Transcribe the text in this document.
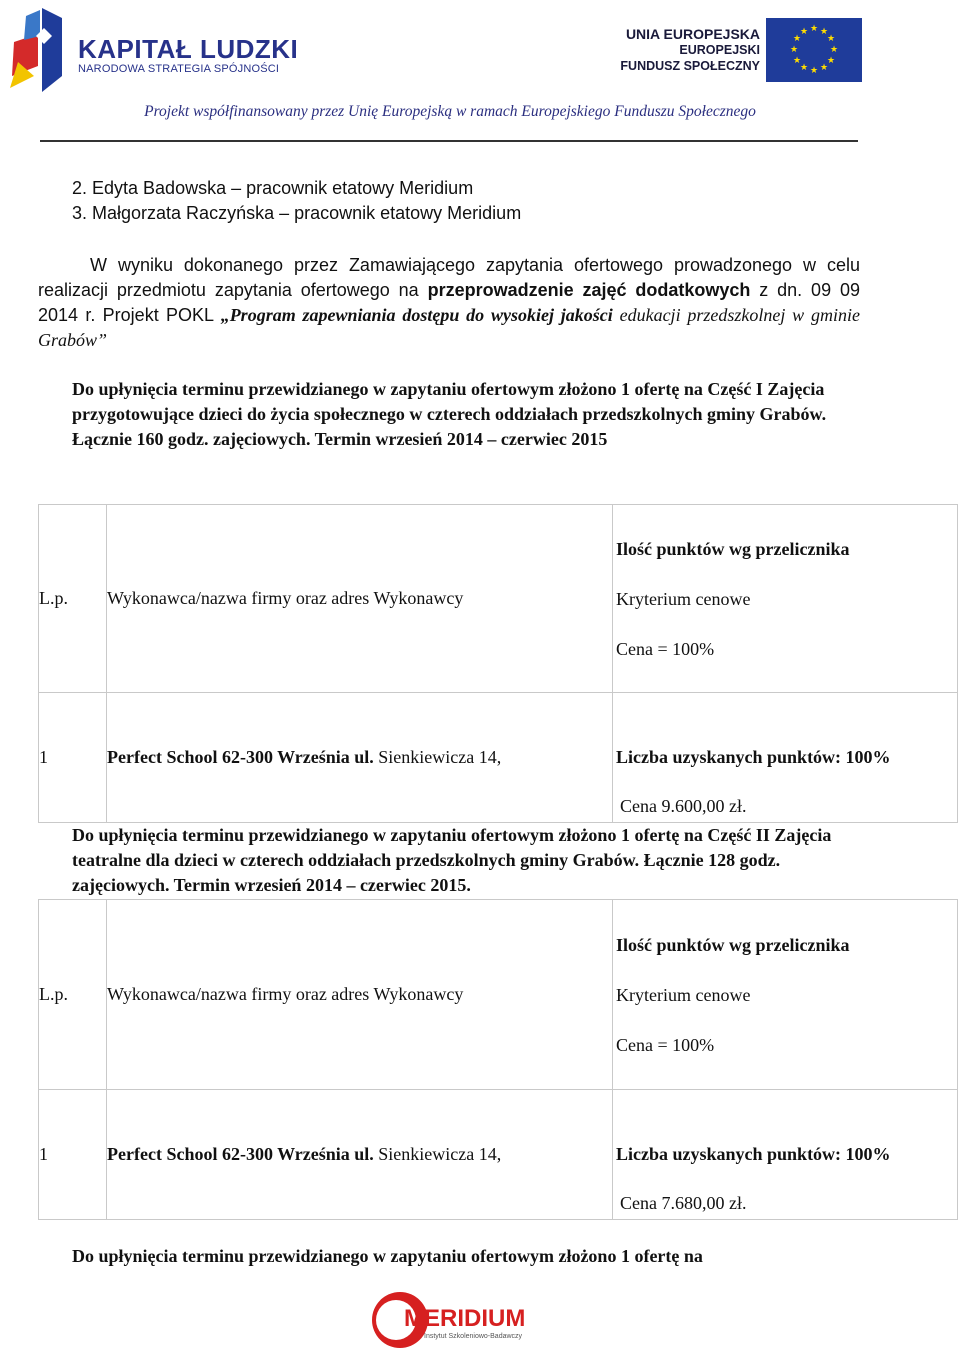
KAPITAŁ LUDZKI
NARODOWA STRATEGIA SPÓJNOŚCI
UNIA EUROPEJSKA
EUROPEJSKI
FUNDUSZ SPOŁECZNY
★ ★
★
★
★
★
★
★
★
★
★
★
Projekt współfinansowany przez Unię Europejską w ramach Europejskiego Funduszu Społecznego
2. Edyta Badowska – pracownik etatowy Meridium
3. Małgorzata Raczyńska – pracownik etatowy Meridium
W wyniku dokonanego przez Zamawiającego zapytania ofertowego prowadzonego w celu realizacji przedmiotu zapytania ofertowego na przeprowadzenie zajęć dodatkowych z dn. 09 09 2014 r. Projekt POKL „Program zapewniania dostępu do wysokiej jakości edukacji przedszkolnej w gminie Grabów”
Do upłynięcia terminu przewidzianego w zapytaniu ofertowym złożono 1 ofertę na Część I Zajęcia przygotowujące dzieci do życia społecznego w czterech oddziałach przedszkolnych gminy Grabów. Łącznie 160 godz. zajęciowych. Termin wrzesień 2014 – czerwiec 2015
L.p.	Wykonawca/nazwa firmy oraz adres Wykonawcy	Ilość punktów wg przelicznika
Kryterium cenowe
Cena = 100%

1	Perfect School 62-300 Września ul. Sienkiewicza 14,	Liczba uzyskanych punktów: 100%
Cena 9.600,00 zł.
Do upłynięcia terminu przewidzianego w zapytaniu ofertowym złożono 1 ofertę na Część II Zajęcia teatralne dla dzieci w czterech oddziałach przedszkolnych gminy Grabów. Łącznie 128 godz. zajęciowych. Termin wrzesień 2014 – czerwiec 2015.
L.p.	Wykonawca/nazwa firmy oraz adres Wykonawcy	Ilość punktów wg przelicznika
Kryterium cenowe
Cena = 100%

1	Perfect School 62-300 Września ul. Sienkiewicza 14,	Liczba uzyskanych punktów: 100%
Cena 7.680,00 zł.
Do upłynięcia terminu przewidzianego w zapytaniu ofertowym złożono 1 ofertę na
MERIDIUM
Instytut Szkoleniowo-Badawczy
